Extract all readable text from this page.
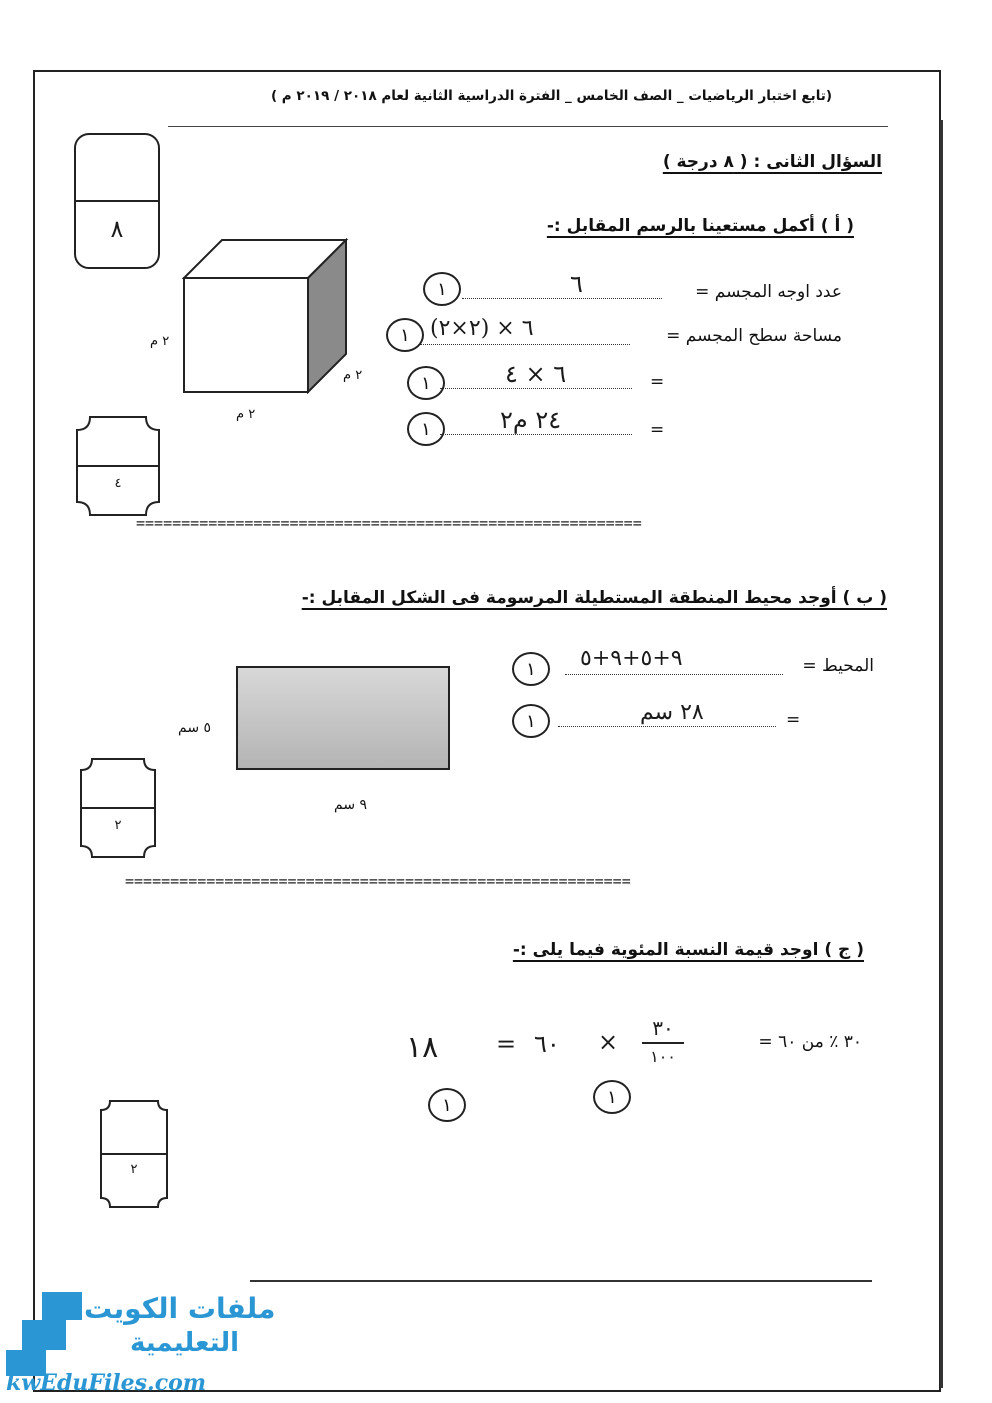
(تابع اختبار الرياضيات _ الصف الخامس _ الفترة الدراسية الثانية لعام ٢٠١٨ / ٢٠١٩ م )
السؤال الثانى : ( ٨ درجة )
٨	( أ ) أكمل مستعينا بالرسم المقابل :-
٢ م
٢ م
٢ م
٤
عدد اوجه المجسم =
٦
١
مساحة سطح المجسم =
٦ × (٢×٢)
١
=
٦ × ٤
١
=
٢٤ م٢
١
========================================================
( ب ) أوجد محيط المنطقة المستطيلة المرسومة فى الشكل المقابل :-
٥ سم
٩ سم
٢
المحيط =
٩+٥+٩+٥
١
=
٢٨ سم
١
========================================================
( ج ) اوجد قيمة النسبة المئوية فيما يلى :-
٣٠ ٪ من ٦٠ =
٣٠
١٠٠
×
٦٠
=
١٨
١	١
٢
ملفات الكويت
التعليمية
kwEduFiles.com
